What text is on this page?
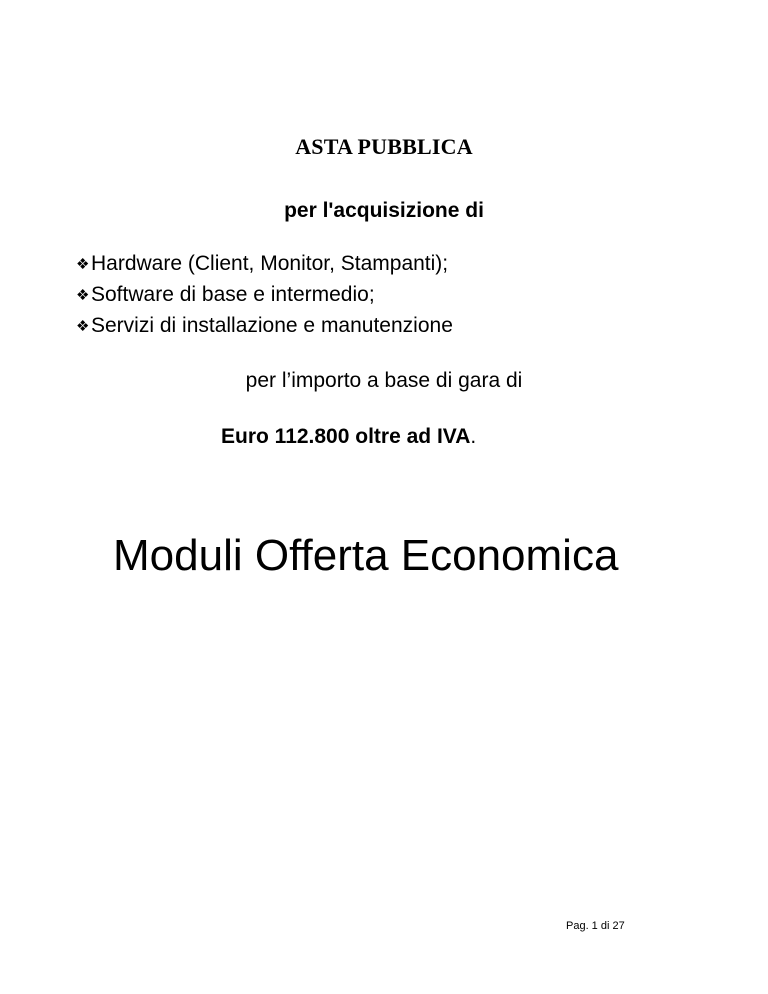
ASTA PUBBLICA
per l'acquisizione di
❖ Hardware (Client, Monitor, Stampanti);
❖ Software di base e intermedio;
❖ Servizi di installazione e manutenzione
per l’importo a base di gara di
Euro 112.800 oltre ad IVA.
Moduli Offerta Economica
Pag. 1 di 27
